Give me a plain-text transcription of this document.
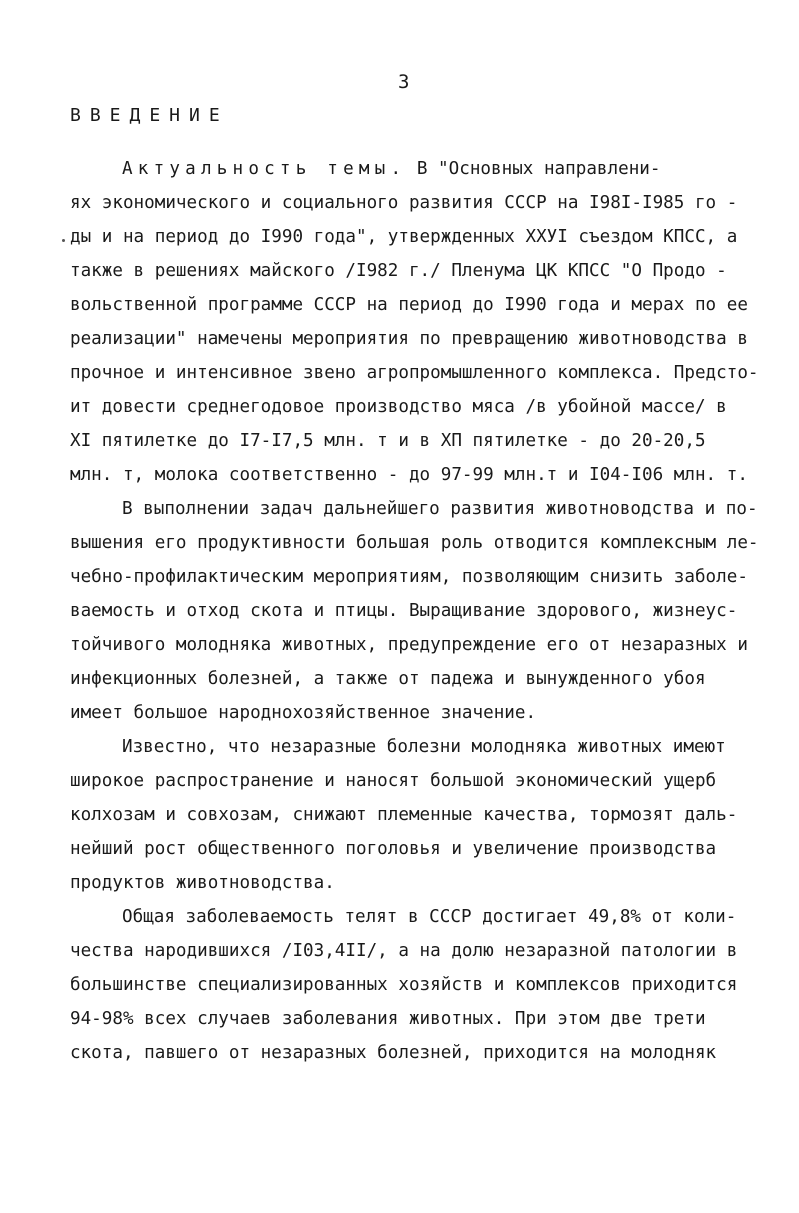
3
ВВЕДЕНИЕ
Актуальность темы. В "Основных направлени-
ях экономического и социального развития СССР на I98I-I985 го -
ды и на период до I990 года", утвержденных XXУI съездом КПСС, а
также в решениях майского /I982 г./ Пленума ЦК КПСС "О Продо -
вольственной программе СССР на период до I990 года и мерах по ее
реализации" намечены мероприятия по превращению животноводства в
прочное и интенсивное звено агропромышленного комплекса. Предсто-
ит довести среднегодовое производство мяса /в убойной массе/ в
XI пятилетке до I7-I7,5 млн. т и в XП пятилетке - до 20-20,5
млн. т, молока соответственно - до 97-99 млн.т и I04-I06 млн. т.
В выполнении задач дальнейшего развития животноводства и по-
вышения его продуктивности большая роль отводится комплексным ле-
чебно-профилактическим мероприятиям, позволяющим снизить заболе-
ваемость и отход скота и птицы. Выращивание здорового, жизнеус-
тойчивого молодняка животных, предупреждение его от незаразных и
инфекционных болезней, а также от падежа и вынужденного убоя
имеет большое народнохозяйственное значение.
Известно, что незаразные болезни молодняка животных имеют
широкое распространение и наносят большой экономический ущерб
колхозам и совхозам, снижают племенные качества, тормозят даль-
нейший рост общественного поголовья и увеличение производства
продуктов животноводства.
Общая заболеваемость телят в СССР достигает 49,8% от коли-
чества народившихся /I03,4II/, а на долю незаразной патологии в
большинстве специализированных хозяйств и комплексов приходится
94-98% всех случаев заболевания животных. При этом две трети
скота, павшего от незаразных болезней, приходится на молодняк
